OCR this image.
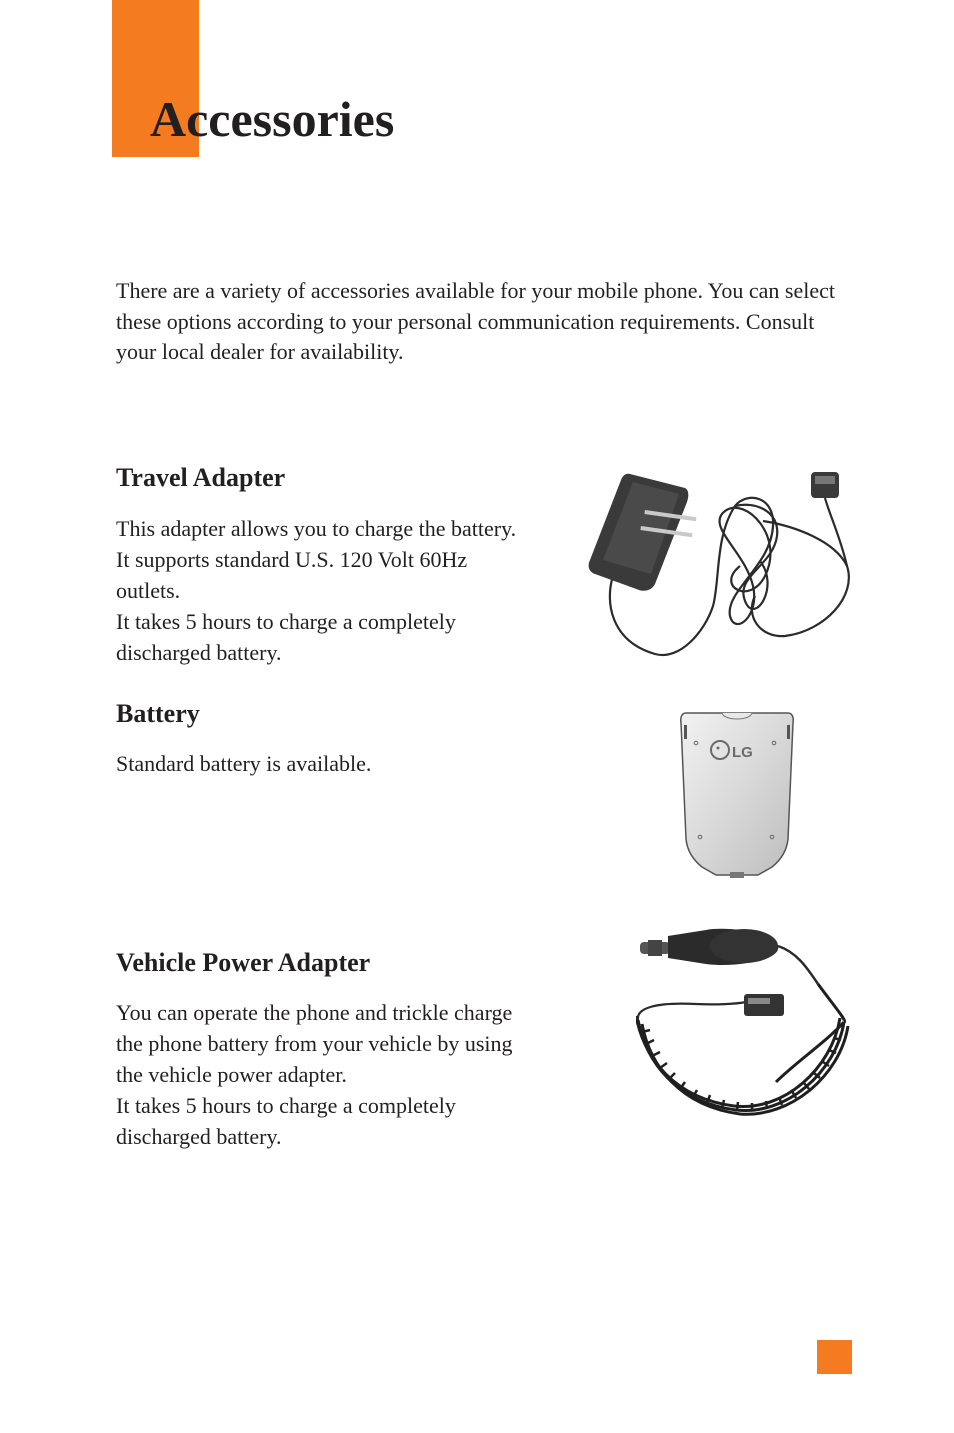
Accessories

There are a variety of accessories available for your mobile phone. You can select these options according to your personal communication requirements. Consult your local dealer for availability.

Travel Adapter

This adapter allows you to charge the battery.
It supports standard U.S. 120 Volt 60Hz
outlets.
It takes 5 hours to charge a completely
discharged battery.

Battery

Standard battery is available.	LG
Vehicle Power Adapter

You can operate the phone and trickle charge
the phone battery from your vehicle by using
the vehicle power adapter.
It takes 5 hours to charge a completely
discharged battery.
